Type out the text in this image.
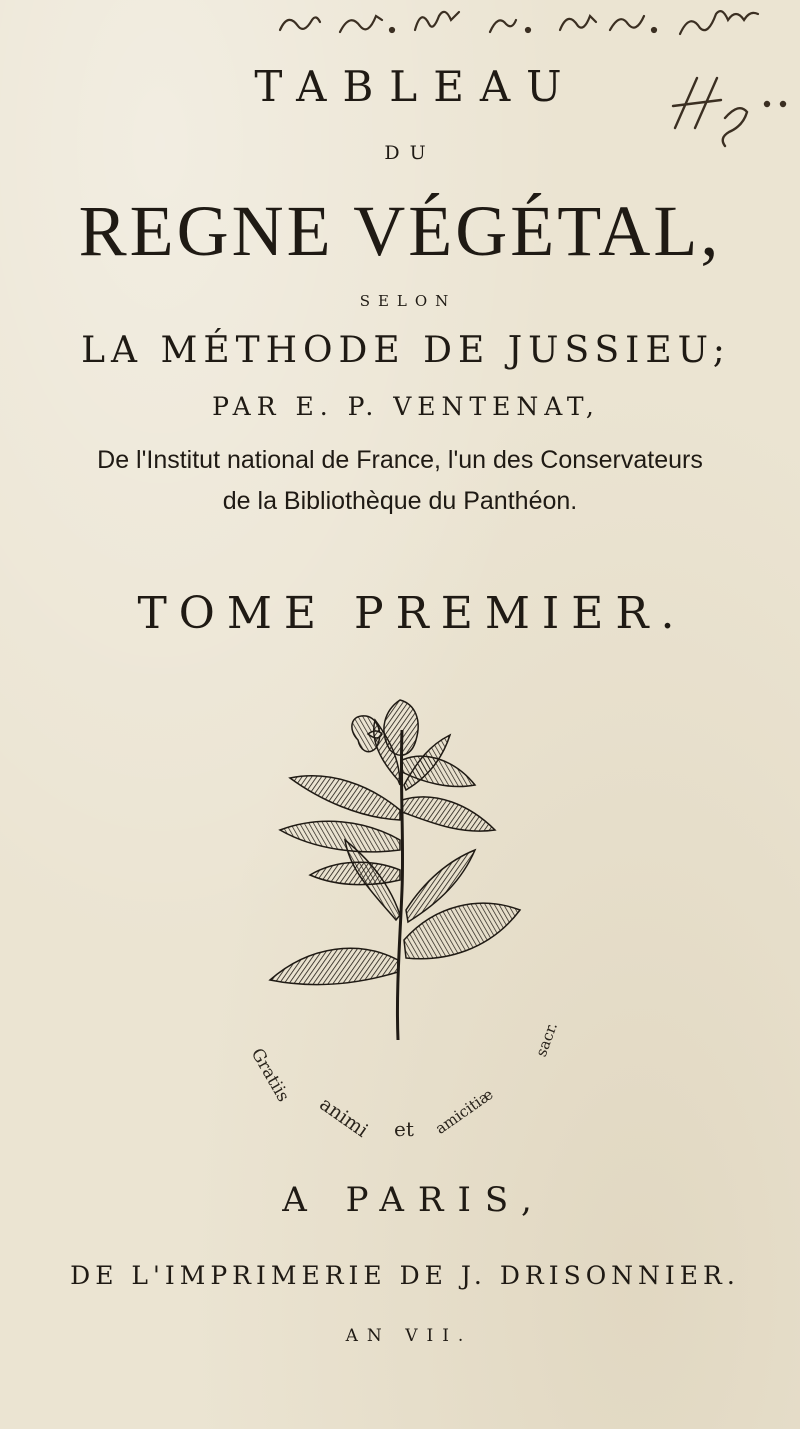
TABLEAU
DU
REGNE VÉGÉTAL,
SELON
LA MÉTHODE DE JUSSIEU;
PAR E. P. VENTENAT,
De l'Institut national de France, l'un des Conservateurs
de la Bibliothèque du Panthéon.
TOME PREMIER.
Gratiis
animi et amicitiæ
sacr.
A PARIS,
DE L'IMPRIMERIE DE J. DRISONNIER.
AN VII.
